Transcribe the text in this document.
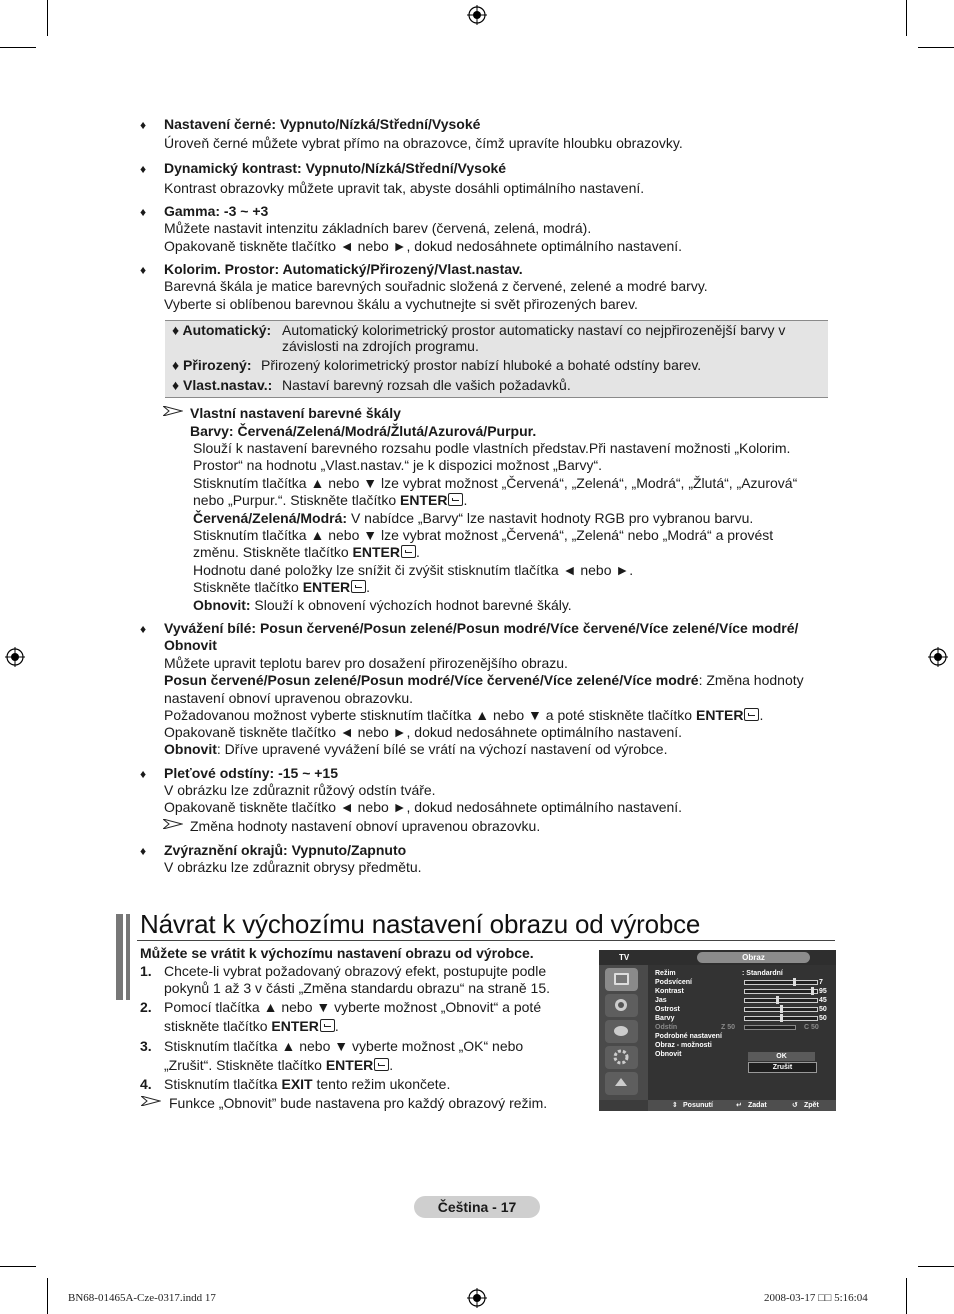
♦ Nastavení černé: Vypnuto/Nízká/Střední/Vysoké
Úroveň černé můžete vybrat přímo na obrazovce, čímž upravíte hloubku obrazovky.
♦ Dynamický kontrast: Vypnuto/Nízká/Střední/Vysoké
Kontrast obrazovky můžete upravit tak, abyste dosáhli optimálního nastavení.
♦ Gamma: -3 ~ +3
Můžete nastavit intenzitu základních barev (červená, zelená, modrá).
Opakovaně tiskněte tlačítko ◄ nebo ►, dokud nedosáhnete optimálního nastavení.
♦ Kolorim. Prostor: Automatický/Přirozený/Vlast.nastav.
Barevná škála je matice barevných souřadnic složená z červené, zelené a modré barvy.
Vyberte si oblíbenou barevnou škálu a vychutnejte si svět přirozených barev.
♦ Automatický: Automatický kolorimetrický prostor automaticky nastaví co nejpřirozenější barvy v
závislosti na zdrojích programu.
♦ Přirozený: Přirozený kolorimetrický prostor nabízí hluboké a bohaté odstíny barev.
♦ Vlast.nastav.: Nastaví barevný rozsah dle vašich požadavků.
Vlastní nastavení barevné škály
Barvy: Červená/Zelená/Modrá/Žlutá/Azurová/Purpur.
Slouží k nastavení barevného rozsahu podle vlastních představ.Při nastavení možnosti „Kolorim.
Prostor“ na hodnotu „Vlast.nastav.“ je k dispozici možnost „Barvy“.
Stisknutím tlačítka ▲ nebo ▼ lze vybrat možnost „Červená“, „Zelená“, „Modrá“, „Žlutá“, „Azurová“
nebo „Purpur.“. Stiskněte tlačítko ENTER .
Červená/Zelená/Modrá: V nabídce „Barvy“ lze nastavit hodnoty RGB pro vybranou barvu.
Stisknutím tlačítka ▲ nebo ▼ lze vybrat možnost „Červená“, „Zelená“ nebo „Modrá“ a provést
změnu. Stiskněte tlačítko ENTER .
Hodnotu dané položky lze snížit či zvýšit stisknutím tlačítka ◄ nebo ►.
Stiskněte tlačítko ENTER .
Obnovit: Slouží k obnovení výchozích hodnot barevné škály.
♦ Vyvážení bílé: Posun červené/Posun zelené/Posun modré/Více červené/Více zelené/Více modré/
Obnovit
Můžete upravit teplotu barev pro dosažení přirozenějšího obrazu.
Posun červené/Posun zelené/Posun modré/Více červené/Více zelené/Více modré: Změna hodnoty
nastavení obnoví upravenou obrazovku.
Požadovanou možnost vyberte stisknutím tlačítka ▲ nebo ▼ a poté stiskněte tlačítko ENTER .
Opakovaně tiskněte tlačítko ◄ nebo ►, dokud nedosáhnete optimálního nastavení.
Obnovit: Dříve upravené vyvážení bílé se vrátí na výchozí nastavení od výrobce.
♦ Pleťové odstíny: -15 ~ +15
V obrázku lze zdůraznit růžový odstín tváře.
Opakovaně tiskněte tlačítko ◄ nebo ►, dokud nedosáhnete optimálního nastavení.
Změna hodnoty nastavení obnoví upravenou obrazovku.
♦ Zvýraznění okrajů: Vypnuto/Zapnuto
V obrázku lze zdůraznit obrysy předmětu.
Návrat k výchozímu nastavení obrazu od výrobce
Můžete se vrátit k výchozímu nastavení obrazu od výrobce.
1. Chcete-li vybrat požadovaný obrazový efekt, postupujte podle
pokynů 1 až 3 v části „Změna standardu obrazu“ na straně 15.
2. Pomocí tlačítka ▲ nebo ▼ vyberte možnost „Obnovit“ a poté
stiskněte tlačítko ENTER .
3. Stisknutím tlačítka ▲ nebo ▼ vyberte možnost „OK“ nebo
„Zrušit“. Stiskněte tlačítko ENTER .
4. Stisknutím tlačítka EXIT tento režim ukončete.
Funkce „Obnovit” bude nastavena pro každý obrazový režim.
TV	Obraz
Režim	: Standardní
Podsvícení	7
Kontrast	95
Jas	45
Ostrost	50
Barvy	50
Odstín	Z 50	C 50
Podrobné nastavení
Obraz - možnosti
Obnovit	OK
Zrušit
⇕ Posunutí	↵ Zadat	↺ Zpět
Čeština - 17
BN68-01465A-Cze-0317.indd 17	2008-03-17 □□ 5:16:04
